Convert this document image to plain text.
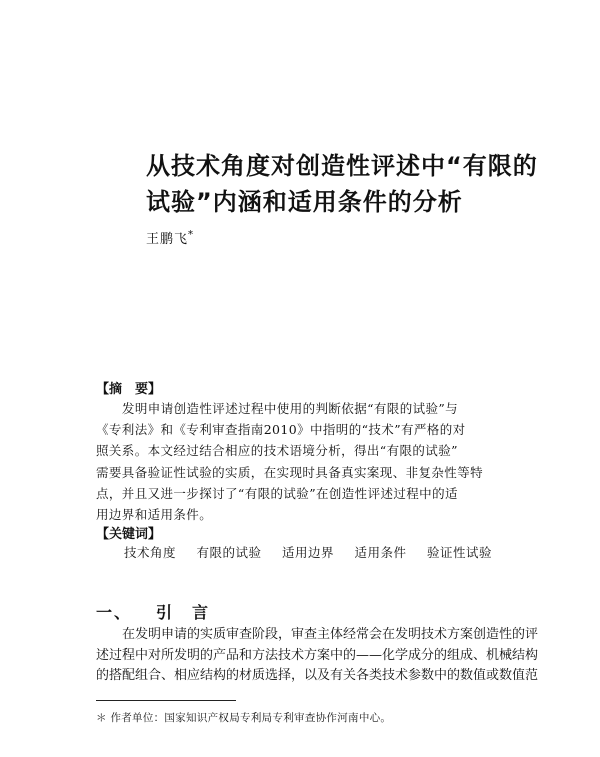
从技术角度对创造性评述中“有限的
试验”内涵和适用条件的分析
王鹏飞*
【摘　要】
发明申请创造性评述过程中使用的判断依据“有限的试验”与
《专利法》和《专利审查指南2010》中指明的“技术”有严格的对
照关系。本文经过结合相应的技术语境分析，得出“有限的试验”
需要具备验证性试验的实质，在实现时具备真实案现、非复杂性等特
点，并且又进一步探讨了“有限的试验”在创造性评述过程中的适
用边界和适用条件。
【关键词】
技术角度 有限的试验 适用边界 适用条件 验证性试验
一、 引　言
在发明申请的实质审查阶段，审查主体经常会在发明技术方案创造性的评
述过程中对所发明的产品和方法技术方案中的——化学成分的组成、机械结构
的搭配组合、相应结构的材质选择，以及有关各类技术参数中的数值或数值范
＊ 作者单位：国家知识产权局专利局专利审查协作河南中心。
